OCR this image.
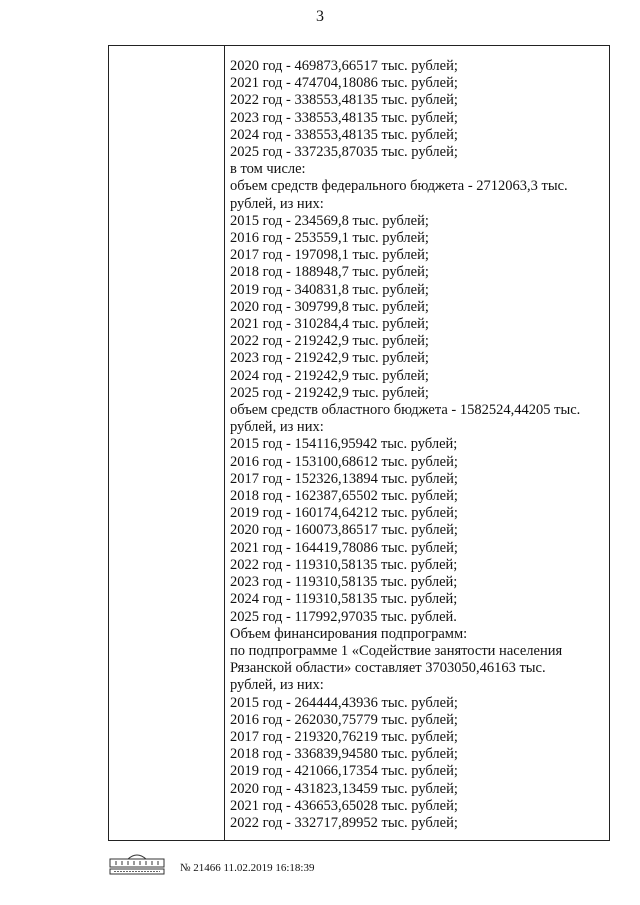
3
2020 год - 469873,66517 тыс. рублей;
2021 год - 474704,18086 тыс. рублей;
2022 год - 338553,48135 тыс. рублей;
2023 год - 338553,48135 тыс. рублей;
2024 год - 338553,48135 тыс. рублей;
2025 год - 337235,87035 тыс. рублей;
в том числе:
объем средств федерального бюджета - 2712063,3 тыс.
рублей, из них:
2015 год - 234569,8 тыс. рублей;
2016 год - 253559,1 тыс. рублей;
2017 год - 197098,1 тыс. рублей;
2018 год - 188948,7 тыс. рублей;
2019 год - 340831,8 тыс. рублей;
2020 год - 309799,8 тыс. рублей;
2021 год - 310284,4 тыс. рублей;
2022 год - 219242,9 тыс. рублей;
2023 год - 219242,9 тыс. рублей;
2024 год - 219242,9 тыс. рублей;
2025 год - 219242,9 тыс. рублей;
объем средств областного бюджета - 1582524,44205 тыс.
рублей, из них:
2015 год - 154116,95942 тыс. рублей;
2016 год - 153100,68612 тыс. рублей;
2017 год - 152326,13894 тыс. рублей;
2018 год - 162387,65502 тыс. рублей;
2019 год - 160174,64212 тыс. рублей;
2020 год - 160073,86517 тыс. рублей;
2021 год - 164419,78086 тыс. рублей;
2022 год - 119310,58135 тыс. рублей;
2023 год - 119310,58135 тыс. рублей;
2024 год - 119310,58135 тыс. рублей;
2025 год - 117992,97035 тыс. рублей.
Объем финансирования подпрограмм:
по подпрограмме 1 «Содействие занятости населения
Рязанской области» составляет 3703050,46163 тыс.
рублей, из них:
2015 год - 264444,43936 тыс. рублей;
2016 год - 262030,75779 тыс. рублей;
2017 год - 219320,76219 тыс. рублей;
2018 год - 336839,94580 тыс. рублей;
2019 год - 421066,17354 тыс. рублей;
2020 год - 431823,13459 тыс. рублей;
2021 год - 436653,65028 тыс. рублей;
2022 год - 332717,89952 тыс. рублей;
№ 21466 11.02.2019 16:18:39
